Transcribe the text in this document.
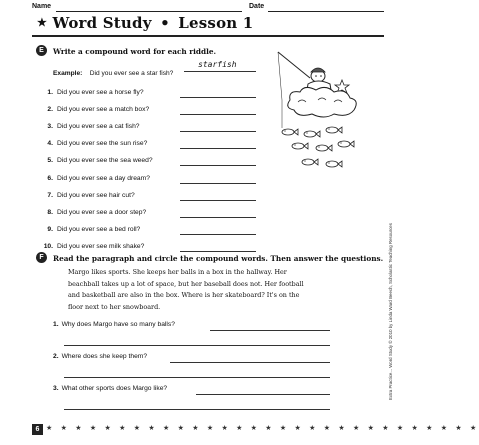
Name	Date
★ Word Study • Lesson 1
E	Write a compound word for each riddle.
Example: Did you ever see a star fish?
starfish
1. Did you ever see a horse fly?
2. Did you ever see a match box?
3. Did you ever see a cat fish?
4. Did you ever see the sun rise?
5. Did you ever see the sea weed?
6. Did you ever see a day dream?
7. Did you ever see hair cut?
8. Did you ever see a door step?
9. Did you ever see a bed roll?
10. Did you ever see milk shake?
F	Read the paragraph and circle the compound words. Then answer the questions.
Margo likes sports. She keeps her balls in a box in the hallway. Her
beachball takes up a lot of space, but her baseball does not. Her football
and basketball are also in the box. Where is her skateboard? It's on the
floor next to her snowboard.
1. Why does Margo have so many balls?
2. Where does she keep them?
3. What other sports does Margo like?	Extra Practice... Word Study © 2010 by Linda Ward Beech, Scholastic Teaching Resources
6 ★ ★ ★ ★ ★ ★ ★ ★ ★ ★ ★ ★ ★ ★ ★ ★ ★ ★ ★ ★ ★ ★ ★ ★ ★ ★ ★ ★ ★ ★
